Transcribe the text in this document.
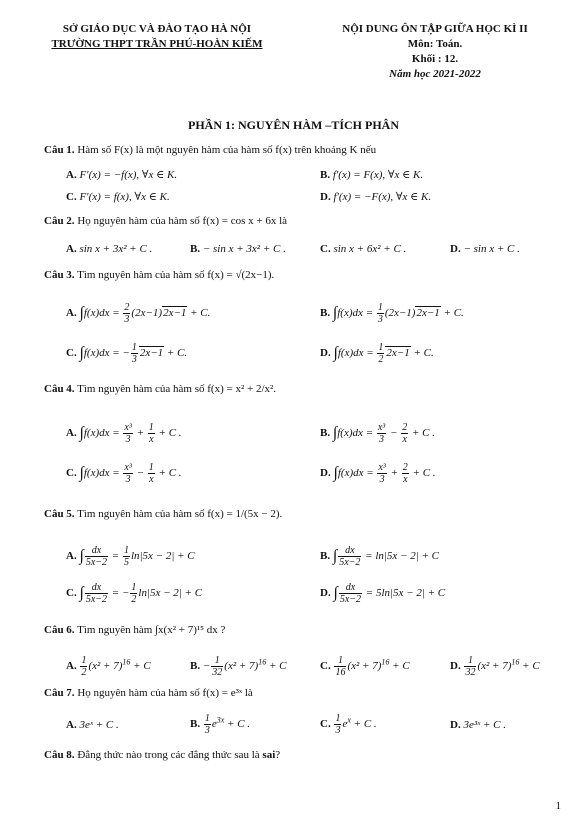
SỞ GIÁO DỤC VÀ ĐÀO TẠO HÀ NỘI
TRƯỜNG THPT TRẦN PHÚ-HOÀN KIẾM
NỘI DUNG ÔN TẬP GIỮA HỌC KÌ II
Môn: Toán.
Khối : 12.
Năm học 2021-2022
PHẦN 1: NGUYÊN HÀM –TÍCH PHÂN
Câu 1. Hàm số F(x) là một nguyên hàm của hàm số f(x) trên khoảng K nếu
A. F′(x) = −f(x), ∀x ∈ K.	B. f′(x) = F(x), ∀x ∈ K.
C. F′(x) = f(x), ∀x ∈ K.	D. f′(x) = −F(x), ∀x ∈ K.
Câu 2. Họ nguyên hàm của hàm số f(x) = cos x + 6x là
A. sin x + 3x² + C .	B. − sin x + 3x² + C .	C. sin x + 6x² + C .	D. − sin x + C .
Câu 3. Tìm nguyên hàm của hàm số f(x) = √(2x−1).
A. $\int f(x)dx = \frac{2}{3} (2x-1)2x-1 + C$.	B. $\int f(x)dx = \frac{1}{3} (2x-1)2x-1 + C$.
C. ∫f(x)dx = − $\frac{1}{3} 2x-1 + C$.	D. $\int f(x)dx = \frac{1}{2} 2x-1 + C$.
Câu 4. Tìm nguyên hàm của hàm số f(x) = x² + 2/x².
A. $\int f(x)dx = \frac{\text{x³}}{3} + \frac{1}{x} + C$ .	B. $\int f(x)dx = \frac{\text{x³}}{3} - \frac{2}{x} + C$ .
C. $\int f(x)dx = \frac{\text{x³}}{3} - \frac{1}{x} + C$ .	D. $\int f(x)dx = \frac{\text{x³}}{3} + \frac{2}{x} + C$ .
Câu 5. Tìm nguyên hàm của hàm số f(x) = 1/(5x − 2).
A. ∫ $\frac{dx}{5x-2} = \frac{1}{5} \ln|5x - 2| + C$	B. ∫ $\frac{dx}{5x-2} = \ln|5x - 2| + C$
C. ∫ $\frac{dx}{5x-2}$ = − $\frac{1}{2} \ln|5x - 2| + C$	D. ∫ $\frac{dx}{5x-2} = 5\ln|5x - 2| + C$
Câu 6. Tìm nguyên hàm ∫x(x² + 7)¹⁵ dx ?
A. $\frac{1}{2} (x^2 + 7)^{16} + C$	B. − $\frac{1}{32} (x^2 + 7)^{16} + C$	C. $\frac{1}{16} (x^2 + 7)^{16} + C$	D. $\frac{1}{32} (x^2 + 7)^{16} + C$
Câu 7. Họ nguyên hàm của hàm số f(x) = e³ˣ là
A. 3eˣ + C .	B. $\frac{1}{3} e^{3x} + C$ .	C. $\frac{1}{3} e^x + C$ .	D. 3e³ˣ + C .
Câu 8. Đẳng thức nào trong các đẳng thức sau là sai?
1
